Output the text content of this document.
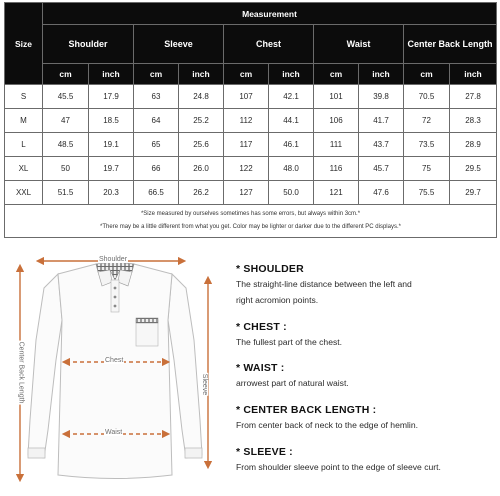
Size	Measurement									
	Shoulder		Sleeve		Chest		Waist		Center Back Length	
	cm	inch	cm	inch	cm	inch	cm	inch	cm	inch
S	45.5	17.9	63	24.8	107	42.1	101	39.8	70.5	27.8
M	47	18.5	64	25.2	112	44.1	106	41.7	72	28.3
L	48.5	19.1	65	25.6	117	46.1	111	43.7	73.5	28.9
XL	50	19.7	66	26.0	122	48.0	116	45.7	75	29.5
XXL	51.5	20.3	66.5	26.2	127	50.0	121	47.6	75.5	29.7

*Size measured by ourselves sometimes has some errors, but always within 3cm.*
*There may be a little different from what you get. Color may be lighter or darker due to the different PC displays.*										
Shoulder
Chest
Waist
Sleeve
Center Back Length
* SHOULDER
The straight-line distance between the left and
right acromion points.
* CHEST :
The fullest part of the chest.
* WAIST :
arrowest part of natural waist.
* CENTER BACK LENGTH :
From center back of neck to the edge of hemlin.
* SLEEVE :
From shoulder sleeve point to the edge of sleeve curt.
